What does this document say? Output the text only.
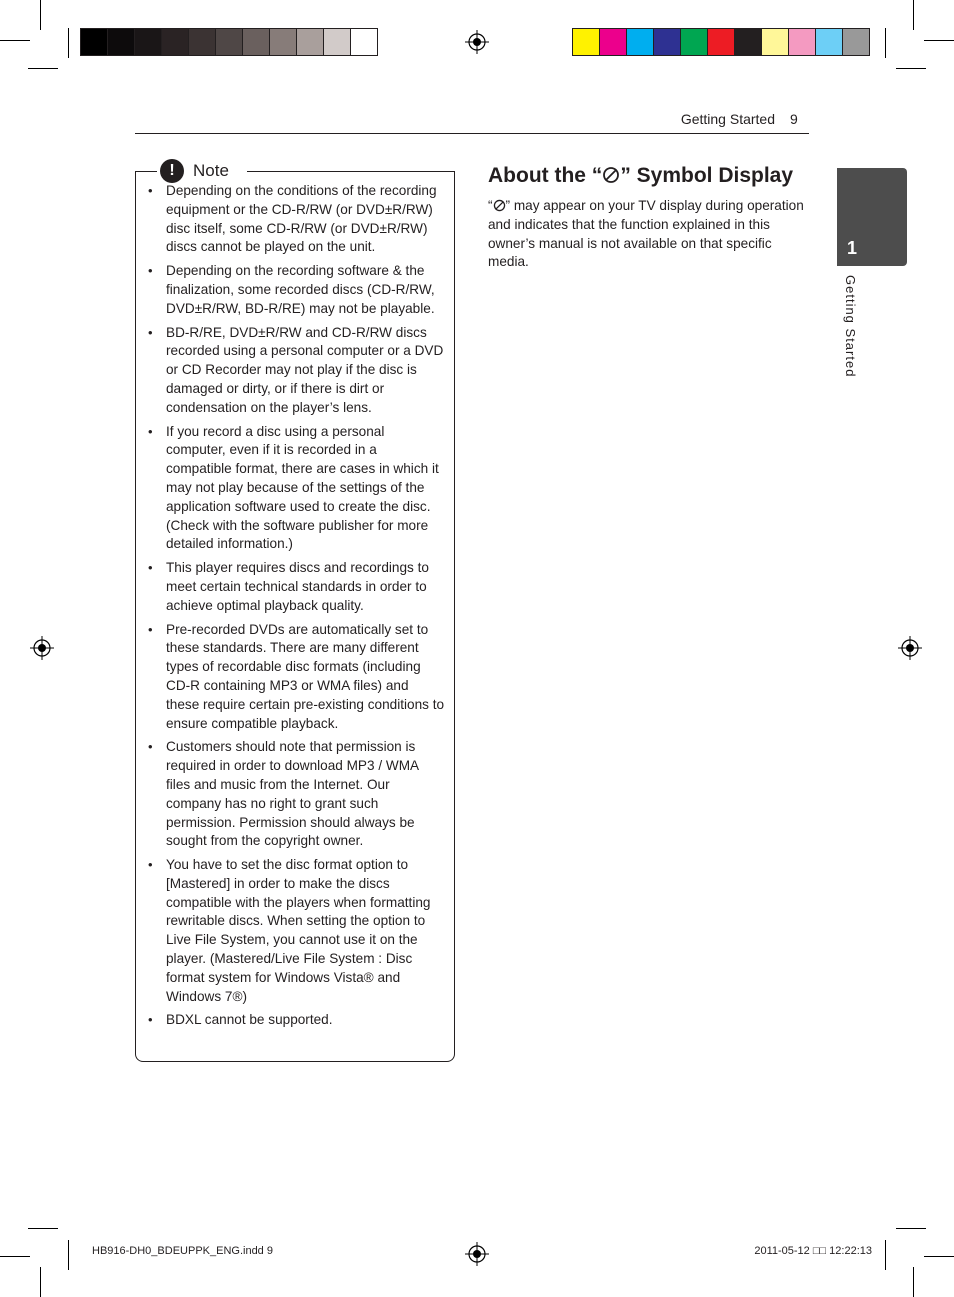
Getting Started 9
!	Note
• Depending on the conditions of the recording equipment or the CD-R/RW (or DVD±R/RW) disc itself, some CD-R/RW (or DVD±R/RW) discs cannot be played on the unit.
• Depending on the recording software & the finalization, some recorded discs (CD-R/RW, DVD±R/RW, BD-R/RE) may not be playable.
• BD-R/RE, DVD±R/RW and CD-R/RW discs recorded using a personal computer or a DVD or CD Recorder may not play if the disc is damaged or dirty, or if there is dirt or condensation on the player’s lens.
• If you record a disc using a personal computer, even if it is recorded in a compatible format, there are cases in which it may not play because of the settings of the application software used to create the disc. (Check with the software publisher for more detailed information.)
• This player requires discs and recordings to meet certain technical standards in order to achieve optimal playback quality.
• Pre-recorded DVDs are automatically set to these standards. There are many different types of recordable disc formats (including CD-R containing MP3 or WMA files) and these require certain pre-existing conditions to ensure compatible playback.
• Customers should note that permission is required in order to download MP3 / WMA files and music from the Internet. Our company has no right to grant such permission. Permission should always be sought from the copyright owner.
• You have to set the disc format option to [Mastered] in order to make the discs compatible with the players when formatting rewritable discs. When setting the option to Live File System, you cannot use it on the player. (Mastered/Live File System : Disc format system for Windows Vista® and Windows 7®)
• BDXL cannot be supported.
About the “ ” Symbol Display
“ ” may appear on your TV display during operation and indicates that the function explained in this owner’s manual is not available on that specific media.
1
Getting Started
HB916-DH0_BDEUPPK_ENG.indd 9	2011-05-12 □□ 12:22:13
